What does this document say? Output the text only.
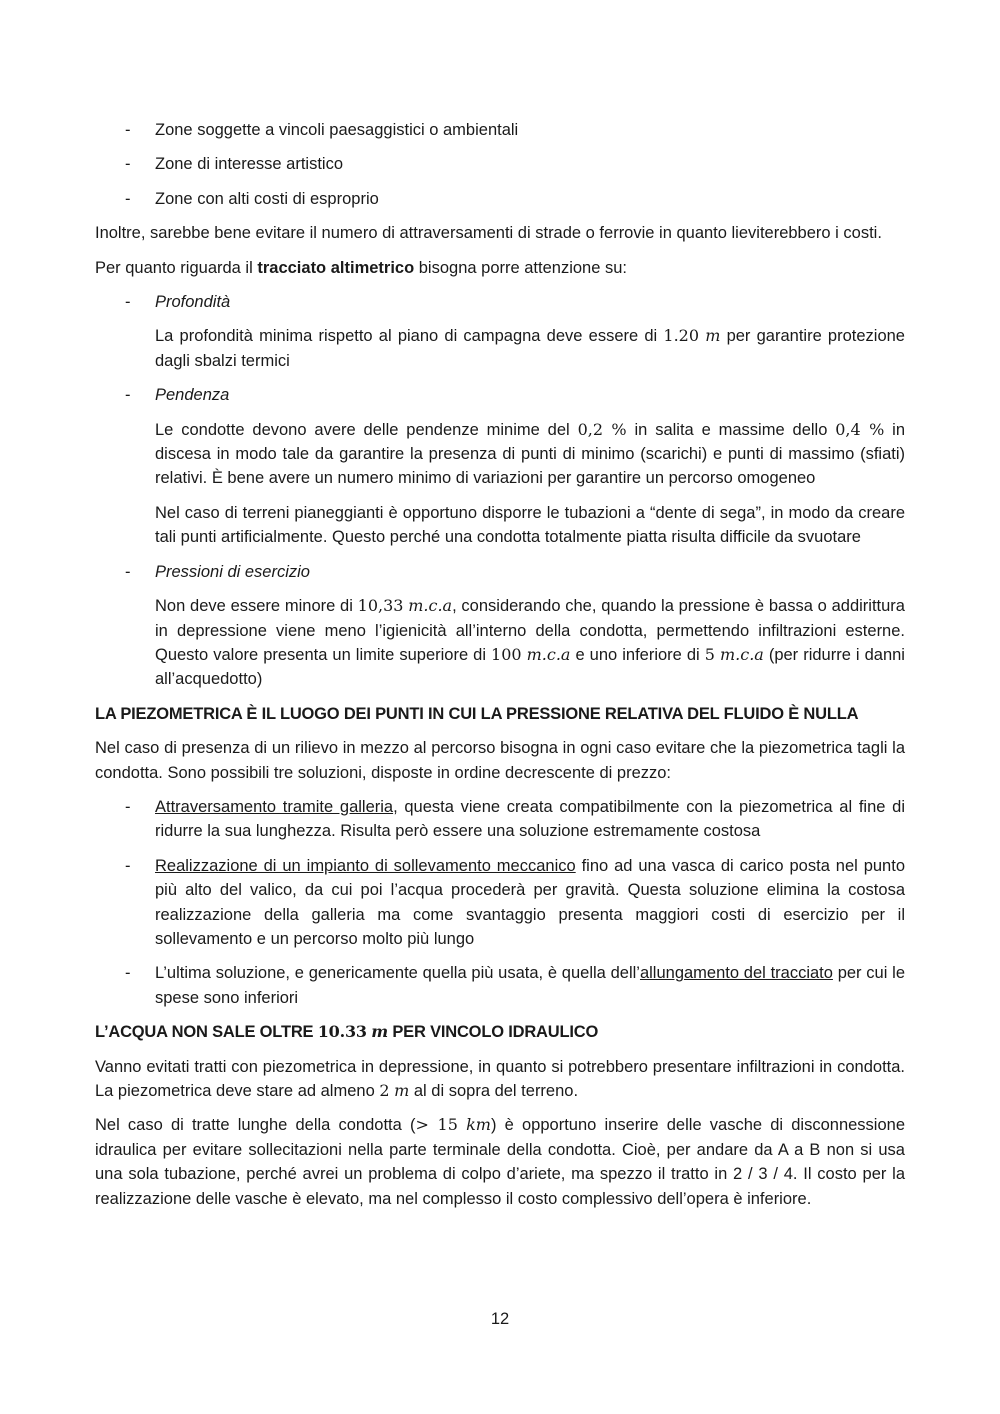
- Zone soggette a vincoli paesaggistici o ambientali
- Zone di interesse artistico
- Zone con alti costi di esproprio

Inoltre, sarebbe bene evitare il numero di attraversamenti di strade o ferrovie in quanto lieviterebbero i costi.

Per quanto riguarda il tracciato altimetrico bisogna porre attenzione su:

- Profondità
La profondità minima rispetto al piano di campagna deve essere di 1.20 m per garantire protezione dagli sbalzi termici
- Pendenza
Le condotte devono avere delle pendenze minime del 0,2 % in salita e massime dello 0,4 % in discesa in modo tale da garantire la presenza di punti di minimo (scarichi) e punti di massimo (sfiati) relativi. È bene avere un numero minimo di variazioni per garantire un percorso omogeneo
Nel caso di terreni pianeggianti è opportuno disporre le tubazioni a “dente di sega”, in modo da creare tali punti artificialmente. Questo perché una condotta totalmente piatta risulta difficile da svuotare
- Pressioni di esercizio
Non deve essere minore di 10,33 m.c.a, considerando che, quando la pressione è bassa o addirittura in depressione viene meno l’igienicità all’interno della condotta, permettendo infiltrazioni esterne. Questo valore presenta un limite superiore di 100 m.c.a e uno inferiore di 5 m.c.a (per ridurre i danni all’acquedotto)
LA PIEZOMETRICA È IL LUOGO DEI PUNTI IN CUI LA PRESSIONE RELATIVA DEL FLUIDO È NULLA

Nel caso di presenza di un rilievo in mezzo al percorso bisogna in ogni caso evitare che la piezometrica tagli la condotta. Sono possibili tre soluzioni, disposte in ordine decrescente di prezzo:

- Attraversamento tramite galleria, questa viene creata compatibilmente con la piezometrica al fine di ridurre la sua lunghezza. Risulta però essere una soluzione estremamente costosa
- Realizzazione di un impianto di sollevamento meccanico fino ad una vasca di carico posta nel punto più alto del valico, da cui poi l’acqua procederà per gravità. Questa soluzione elimina la costosa realizzazione della galleria ma come svantaggio presenta maggiori costi di esercizio per il sollevamento e un percorso molto più lungo
- L’ultima soluzione, e genericamente quella più usata, è quella dell’allungamento del tracciato per cui le spese sono inferiori
L’ACQUA NON SALE OLTRE 10.33 m PER VINCOLO IDRAULICO

Vanno evitati tratti con piezometrica in depressione, in quanto si potrebbero presentare infiltrazioni in condotta. La piezometrica deve stare ad almeno 2 m al di sopra del terreno.

Nel caso di tratte lunghe della condotta (> 15 km) è opportuno inserire delle vasche di disconnessione idraulica per evitare sollecitazioni nella parte terminale della condotta. Cioè, per andare da A a B non si usa una sola tubazione, perché avrei un problema di colpo d’ariete, ma spezzo il tratto in 2 / 3 / 4. Il costo per la realizzazione delle vasche è elevato, ma nel complesso il costo complessivo dell’opera è inferiore.

12
